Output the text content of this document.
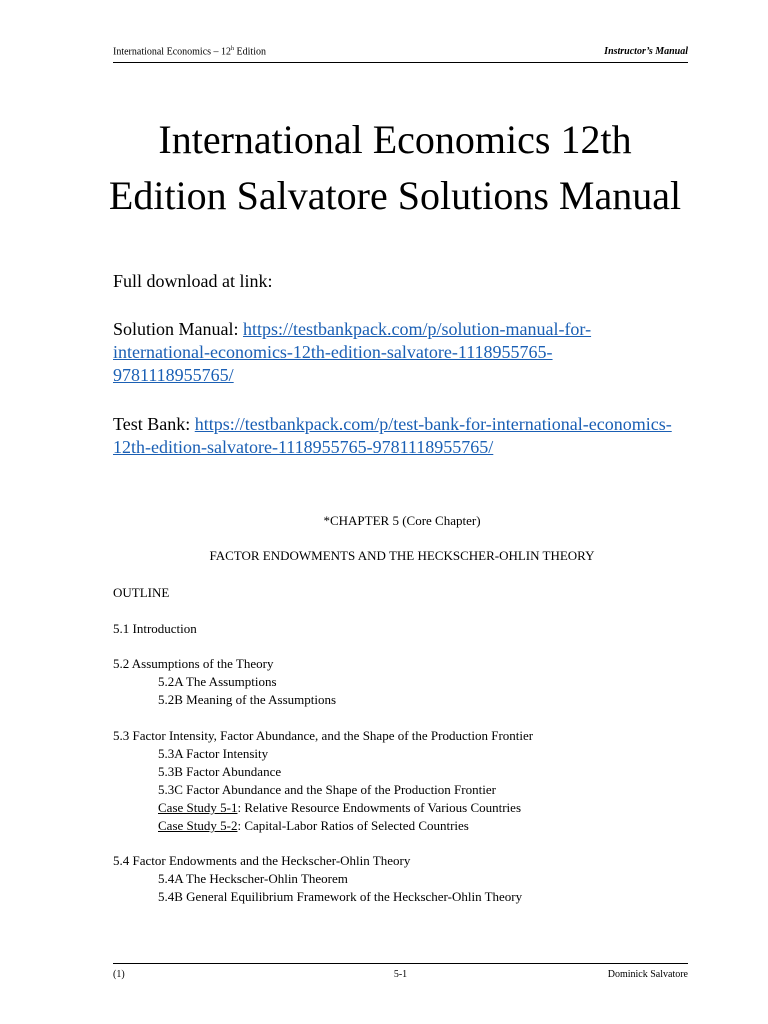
International Economics – 12$^h$ Edition	Instructor’s Manual
International Economics 12th Edition Salvatore Solutions Manual
Full download at link:
Solution Manual: https://testbankpack.com/p/solution-manual-for-international-economics-12th-edition-salvatore-1118955765-9781118955765/
Test Bank: https://testbankpack.com/p/test-bank-for-international-economics-12th-edition-salvatore-1118955765-9781118955765/
*CHAPTER 5 (Core Chapter)
FACTOR ENDOWMENTS AND THE HECKSCHER-OHLIN THEORY
OUTLINE
5.1 Introduction
5.2 Assumptions of the Theory
5.2A The Assumptions
5.2B Meaning of the Assumptions
5.3 Factor Intensity, Factor Abundance, and the Shape of the Production Frontier
5.3A Factor Intensity
5.3B Factor Abundance
5.3C Factor Abundance and the Shape of the Production Frontier
Case Study 5-1: Relative Resource Endowments of Various Countries
Case Study 5-2: Capital-Labor Ratios of Selected Countries
5.4 Factor Endowments and the Heckscher-Ohlin Theory
5.4A The Heckscher-Ohlin Theorem
5.4B General Equilibrium Framework of the Heckscher-Ohlin Theory
(1)	5-1	Dominick Salvatore
